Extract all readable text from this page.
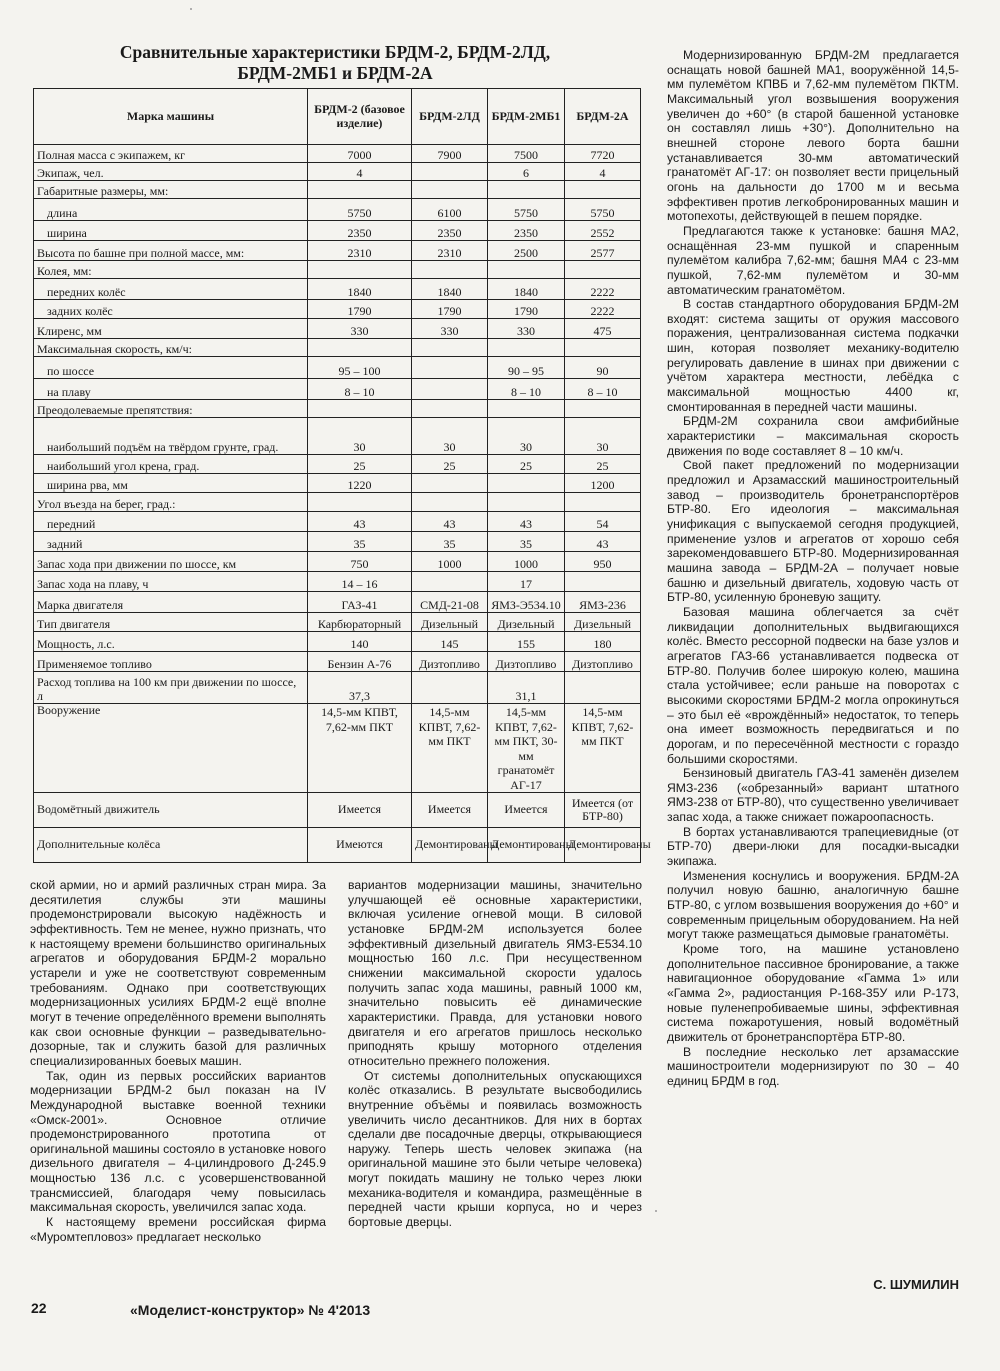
Сравнительные характеристики БРДМ-2, БРДМ-2ЛД,
БРДМ-2МБ1 и БРДМ-2А
Марка машины	БРДМ-2 (базовое изделие)	БРДМ-2ЛД	БРДМ-2МБ1	БРДМ-2А
Полная масса с экипажем, кг	7000	7900	7500	7720
Экипаж, чел.	4		6	4
Габаритные размеры, мм:				
длина	5750	6100	5750	5750
ширина	2350	2350	2350	2552
Высота по башне при полной массе, мм:	2310	2310	2500	2577
Колея, мм:				
передних колёс	1840	1840	1840	2222
задних колёс	1790	1790	1790	2222
Клиренс, мм	330	330	330	475
Максимальная скорость, км/ч:				
по шоссе	95 – 100		90 – 95	90
на плаву	8 – 10		8 – 10	8 – 10
Преодолеваемые препятствия:				
наибольший подъём на твёрдом грунте, град.	30	30	30	30
наибольший угол крена, град.	25	25	25	25
ширина рва, мм	1220			1200
Угол въезда на берег, град.:				
передний	43	43	43	54
задний	35	35	35	43
Запас хода при движении по шоссе, км	750	1000	1000	950
Запас хода на плаву, ч	14 – 16		17	
Марка двигателя	ГАЗ-41	СМД-21-08	ЯМЗ-Э534.10	ЯМЗ-236
Тип двигателя	Карбюраторный	Дизельный	Дизельный	Дизельный
Мощность, л.с.	140	145	155	180
Применяемое топливо	Бензин А-76	Дизтопливо	Дизтопливо	Дизтопливо
Расход топлива на 100 км при движении по шоссе, л	37,3		31,1	
Вооружение	14,5-мм КПВТ, 7,62-мм ПКТ	14,5-мм КПВТ, 7,62-мм ПКТ	14,5-мм КПВТ, 7,62-мм ПКТ, 30-мм гранатомёт АГ-17	14,5-мм КПВТ, 7,62-мм ПКТ
Водомётный движитель	Имеется	Имеется	Имеется	Имеется (от БТР-80)
Дополнительные колёса	Имеются	Демонтированы	Демонтированы	Демонтированы

Модернизированную БРДМ-2М предлагается оснащать новой башней МА1, вооружённой 14,5-мм пулемётом КПВБ и 7,62-мм пулемётом ПКТМ. Максимальный угол возвышения вооружения увеличен до +60° (в старой башенной установке он составлял лишь +30°). Дополнительно на внешней стороне левого борта башни устанавливается 30-мм автоматический гранатомёт АГ-17: он позволяет вести прицельный огонь на дальности до 1700 м и весьма эффективен против легкобронированных машин и мотопехоты, действующей в пешем порядке.

Предлагаются также к установке: башня МА2, оснащённая 23-мм пушкой и спаренным пулемётом калибра 7,62-мм; башня МА4 с 23-мм пушкой, 7,62-мм пулемётом и 30-мм автоматическим гранатомётом.

В состав стандартного оборудования БРДМ-2М входят: система защиты от оружия массового поражения, централизованная система подкачки шин, которая позволяет механику-водителю регулировать давление в шинах при движении с учётом характера местности, лебёдка с максимальной мощностью 4400 кг, смонтированная в передней части машины.

БРДМ-2М сохранила свои амфибийные характеристики – максимальная скорость движения по воде составляет 8 – 10 км/ч.

Свой пакет предложений по модернизации предложил и Арзамасский машиностроительный завод – производитель бронетранспортёров БТР-80. Его идеология – максимальная унификация с выпускаемой сегодня продукцией, применение узлов и агрегатов от хорошо себя зарекомендовавшего БТР-80. Модернизированная машина завода – БРДМ-2А – получает новые башню и дизельный двигатель, ходовую часть от БТР-80, усиленную броневую защиту.

Базовая машина облегчается за счёт ликвидации дополнительных выдвигающихся колёс. Вместо рессорной подвески на базе узлов и агрегатов ГАЗ-66 устанавливается подвеска от БТР-80. Получив более широкую колею, машина стала устойчивее; если раньше на поворотах с высокими скоростями БРДМ-2 могла опрокинуться – это был её «врождённый» недостаток, то теперь она имеет возможность передвигаться и по дорогам, и по пересечённой местности с гораздо большими скоростями.

Бензиновый двигатель ГАЗ-41 заменён дизелем ЯМЗ-236 («обрезанный» вариант штатного ЯМЗ-238 от БТР-80), что существенно увеличивает запас хода, а также снижает пожароопасность.

В бортах устанавливаются трапециевидные (от БТР-70) двери-люки для посадки-высадки экипажа.

Изменения коснулись и вооружения. БРДМ-2А получил новую башню, аналогичную башне БТР-80, с углом возвышения вооружения до +60° и современным прицельным оборудованием. На ней могут также размещаться дымовые гранатомёты.

Кроме того, на машине установлено дополнительное пассивное бронирование, а также навигационное оборудование «Гамма 1» или «Гамма 2», радиостанция Р-168-35У или Р-173, новые пуленепробиваемые шины, эффективная система пожаротушения, новый водомётный движитель от бронетранспортёра БТР-80.

В последние несколько лет арзамасские машиностроители модернизируют по 30 – 40 единиц БРДМ в год.

ской армии, но и армий различных стран мира. За десятилетия службы эти машины продемонстрировали высокую надёжность и эффективность. Тем не менее, нужно признать, что к настоящему времени большинство оригинальных агрегатов и оборудования БРДМ-2 морально устарели и уже не соответствуют современным требованиям. Однако при соответствующих модернизационных усилиях БРДМ-2 ещё вполне могут в течение определённого времени выполнять как свои основные функции – разведывательно-дозорные, так и служить базой для различных специализированных боевых машин.

Так, один из первых российских вариантов модернизации БРДМ-2 был показан на IV Международной выставке военной техники «Омск-2001». Основное отличие продемонстрированного прототипа от оригинальной машины состояло в установке нового дизельного двигателя – 4-цилиндрового Д-245.9 мощностью 136 л.с. с усовершенствованной трансмиссией, благодаря чему повысилась максимальная скорость, увеличился запас хода.

К настоящему времени российская фирма «Муромтепловоз» предлагает несколько

вариантов модернизации машины, значительно улучшающей её основные характеристики, включая усиление огневой мощи. В силовой установке БРДМ-2М используется более эффективный дизельный двигатель ЯМЗ-Е534.10 мощностью 160 л.с. При несущественном снижении максимальной скорости удалось получить запас хода машины, равный 1000 км, значительно повысить её динамические характеристики. Правда, для установки нового двигателя и его агрегатов пришлось несколько приподнять крышу моторного отделения относительно прежнего положения.

От системы дополнительных опускающихся колёс отказались. В результате высвободились внутренние объёмы и появилась возможность увеличить число десантников. Для них в бортах сделали две посадочные дверцы, открывающиеся наружу. Теперь шесть человек экипажа (на оригинальной машине это были четыре человека) могут покидать машину не только через люки механика-водителя и командира, размещённые в передней части крыши корпуса, но и через бортовые дверцы.

С. ШУМИЛИН
22	«Моделист-конструктор» № 4'2013
